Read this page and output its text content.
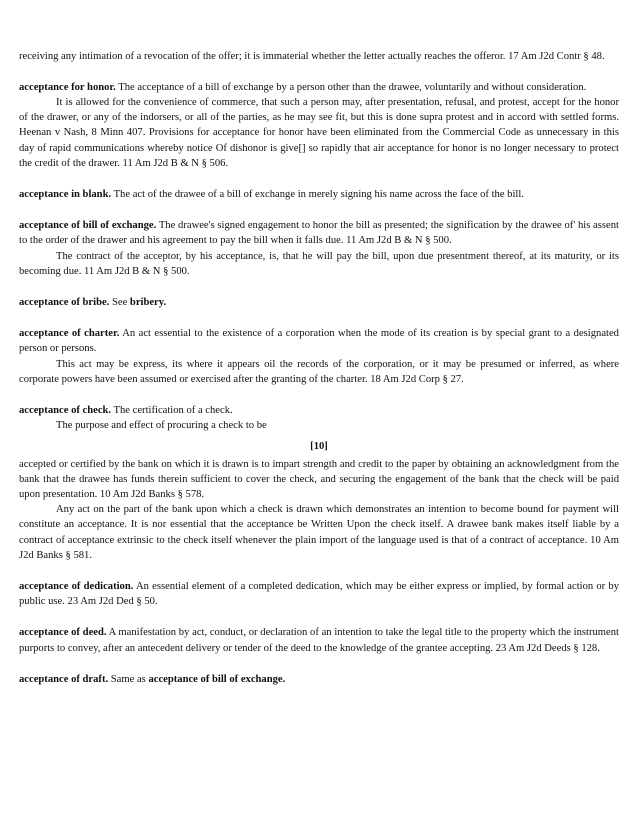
receiving any intimation of a revocation of the offer; it is immaterial whether the letter actually reaches the offeror. 17 Am J2d Contr § 48.

acceptance for honor. The acceptance of a bill of exchange by a person other than the drawee, voluntarily and without consideration.

It is allowed for the convenience of commerce, that such a person may, after presentation, refusal, and protest, accept for the honor of the drawer, or any of the indorsers, or all of the parties, as he may see fit, but this is done supra protest and in accord with settled forms. Heenan v Nash, 8 Minn 407. Provisions for acceptance for honor have been eliminated from the Commercial Code as unnecessary in this day of rapid communications whereby notice Of dishonor is give[] so rapidly that air acceptance for honor is no longer necessary to protect the credit of the drawer. 11 Am J2d B & N § 506.

acceptance in blank. The act of the drawee of a bill of exchange in merely signing his name across the face of the bill.

acceptance of bill of exchange. The drawee's signed engagement to honor the bill as presented; the signification by the drawee of' his assent to the order of the drawer and his agreement to pay the bill when it falls due. 11 Am J2d B & N § 500.

The contract of the acceptor, by his acceptance, is, that he will pay the bill, upon due presentment thereof, at its maturity, or its becoming due. 11 Am J2d B & N § 500.

acceptance of bribe. See bribery.

acceptance of charter. An act essential to the existence of a corporation when the mode of its creation is by special grant to a designated person or persons.

This act may be express, its where it appears oil the records of the corporation, or it may be presumed or inferred, as where corporate powers have been assumed or exercised after the granting of the charter. 18 Am J2d Corp § 27.

acceptance of check. The certification of a check.

The purpose and effect of procuring a check to be

[10]

accepted or certified by the bank on which it is drawn is to impart strength and credit to the paper by obtaining an acknowledgment from the bank that the drawee has funds therein sufficient to cover the check, and securing the engagement of the bank that the check will be paid upon presentation. 10 Am J2d Banks § 578.

Any act on the part of the bank upon which a check is drawn which demonstrates an intention to become bound for payment will constitute an acceptance. It is nor essential that the acceptance be Written Upon the check itself. A drawee bank makes itself liable by a contract of acceptance extrinsic to the check itself whenever the plain import of the language used is that of a contract of acceptance. 10 Am J2d Banks § 581.

acceptance of dedication. An essential element of a completed dedication, which may be either express or implied, by formal action or by public use. 23 Am J2d Ded § 50.

acceptance of deed. A manifestation by act, conduct, or declaration of an intention to take the legal title to the property which the instrument purports to convey, after an antecedent delivery or tender of the deed to the knowledge of the grantee accepting. 23 Am J2d Deeds § 128.

acceptance of draft. Same as acceptance of bill of exchange.
